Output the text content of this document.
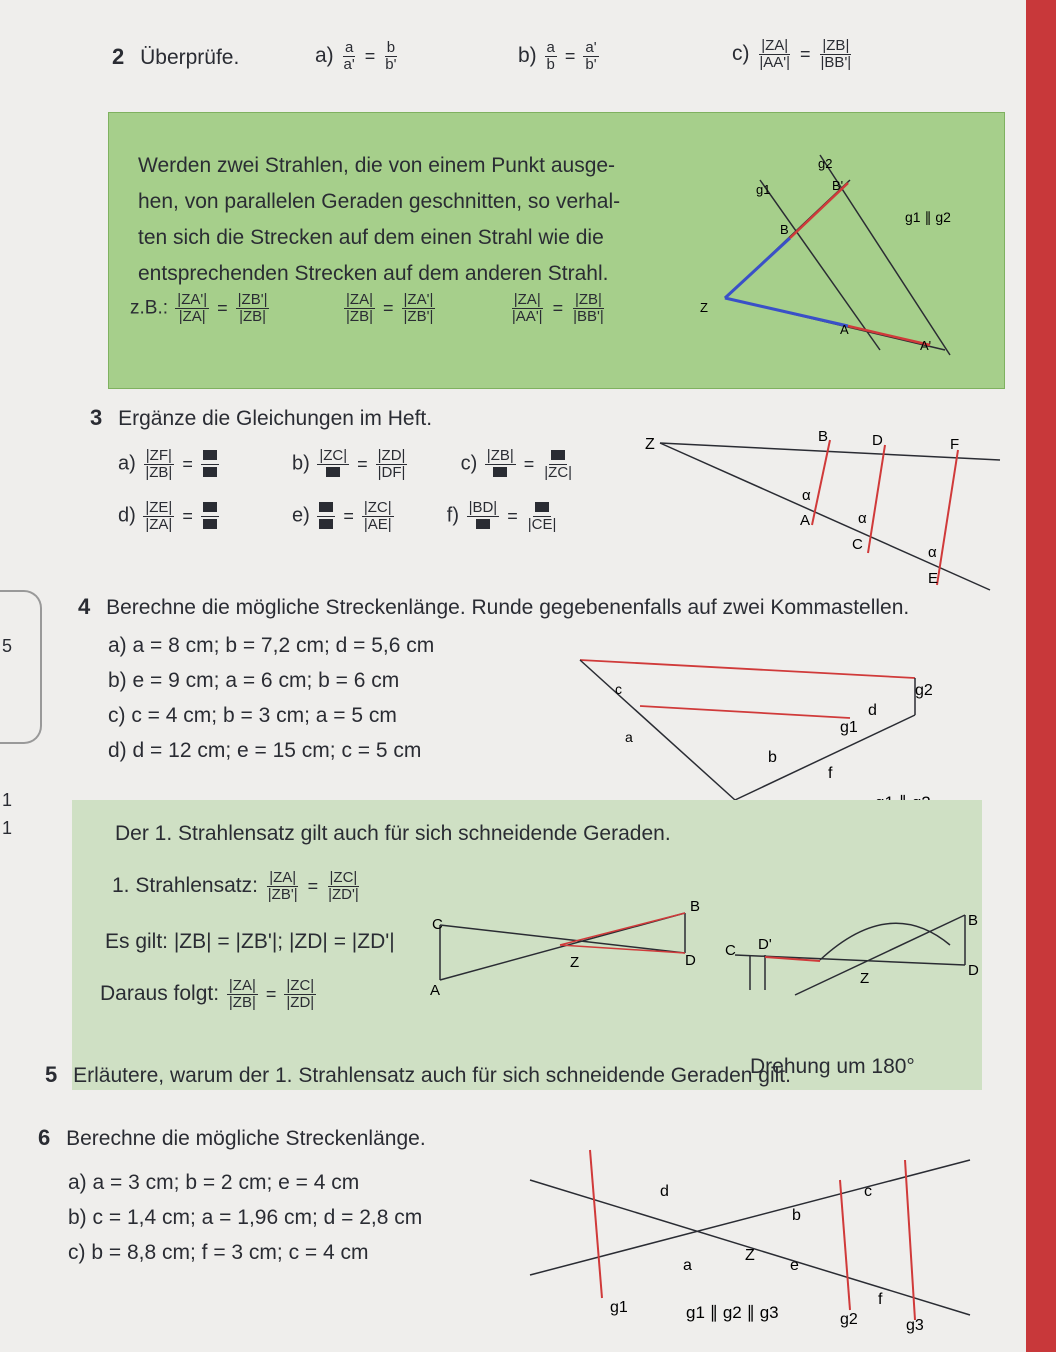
5
1
1
2 Überprüfe.	$a) \frac{a}{a'} = \frac{b}{b'}$	$b) \frac{a}{b} = \frac{a'}{b'}$	$c) \frac{|ZA|}{|AA'|} = \frac{|ZB|}{|BB'|}$
Werden zwei Strahlen, die von einem Punkt ausge-
hen, von parallelen Geraden geschnitten, so verhal-
ten sich die Strecken auf dem einen Strahl wie die
entsprechenden Strecken auf dem anderen Strahl.
z.B.: $\frac{|ZA'|}{|ZA|} = \frac{|ZB'|}{|ZB|}$
	$\frac{|ZA|}{|ZB|} = \frac{|ZA'|}{|ZB'|}$
	$\frac{|ZA|}{|AA'|} = \frac{|ZB|}{|BB'|}$
g2
g1	B'
B
Z
A
A'
g1 ∥ g2
3 Ergänze die Gleichungen im Heft.
$a) \frac{|ZF|}{|ZB|}$ =	b) $|ZC| = \frac{|ZD|}{|DF|}$	c) |ZB| = |ZC|
$d) \frac{|ZE|}{|ZA|}$ =	$e) = \frac{|ZC|}{|AE|}$	f) |BD| = |CE|
Z	B	D	F
A
C
E
α
α
α
4 Berechne die mögliche Streckenlänge. Runde gegebenenfalls auf zwei Kommastellen.
a) a = 8 cm; b = 7,2 cm; d = 5,6 cm
b) e = 9 cm; a = 6 cm; b = 6 cm
c) c = 4 cm; b = 3 cm; a = 5 cm
d) d = 12 cm; e = 15 cm; c = 5 cm
c
a
d
g2
g1
b
f
Der 1. Strahlensatz gilt auch für sich schneidende Geraden.
1. Strahlensatz: $\frac{|ZA|}{|ZB'|} = \frac{|ZC|}{|ZD'|}$
Es gilt: |ZB| = |ZB'|; |ZD| = |ZD'|
Daraus folgt: $\frac{|ZA|}{|ZB|} = \frac{|ZC|}{|ZD|}$
C
B
Z	D
A
C D'
B
Z	D
Drehung um 180°
5 Erläutere, warum der 1. Strahlensatz auch für sich schneidende Geraden gilt.
6 Berechne die mögliche Streckenlänge.
a) a = 3 cm; b = 2 cm; e = 4 cm
b) c = 1,4 cm; a = 1,96 cm; d = 2,8 cm
c) b = 8,8 cm; f = 3 cm; c = 4 cm
d	c
b
Z
a	e
f
g1	g1 ∥ g2 ∥ g3	g2	g3
